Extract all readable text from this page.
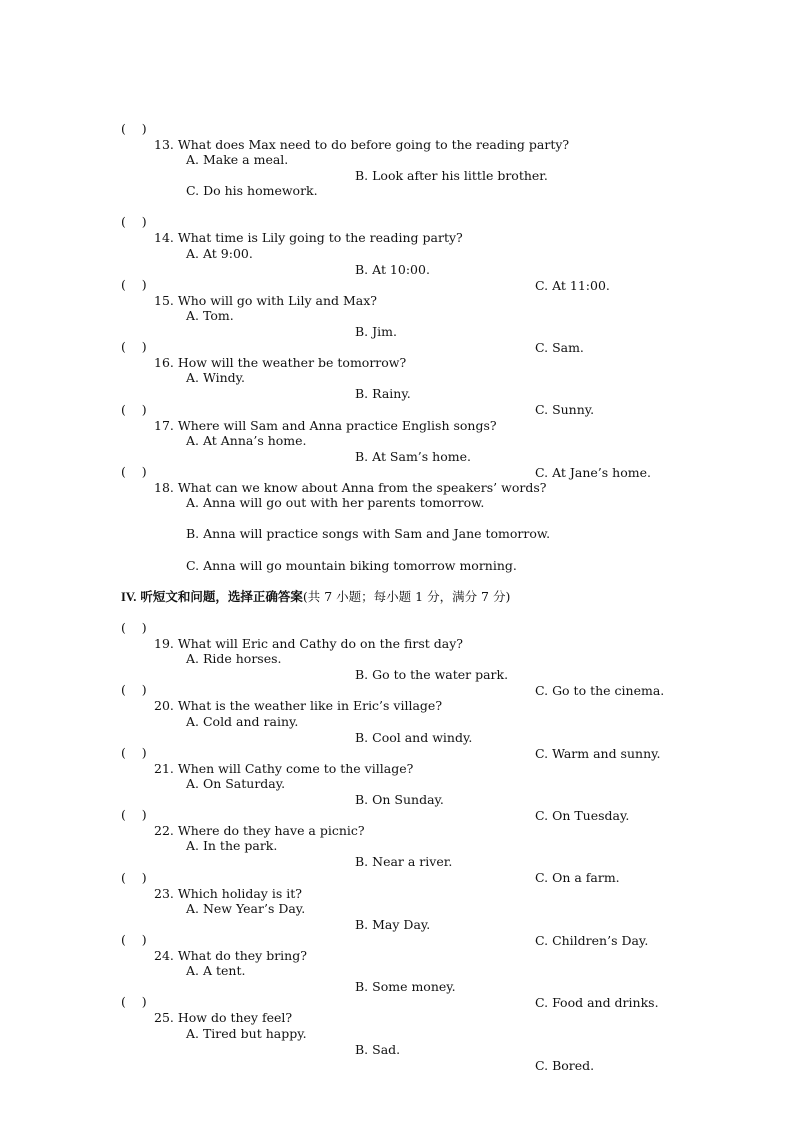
(    )

13. What does Max need to do before going to the reading party?

A. Make a meal.

B. Look after his little brother.

C. Do his homework.

(    )

14. What time is Lily going to the reading party?

A. At 9:00.

B. At 10:00.

C. At 11:00.

(    )

15. Who will go with Lily and Max?

A. Tom.

B. Jim.

C. Sam.

(    )

16. How will the weather be tomorrow?

A. Windy.

B. Rainy.

C. Sunny.

(    )

17. Where will Sam and Anna practice English songs?

A. At Anna’s home.

B. At Sam’s home.

C. At Jane’s home.

(    )

18. What can we know about Anna from the speakers’ words?

A. Anna will go out with her parents tomorrow.

B. Anna will practice songs with Sam and Jane tomorrow.

C. Anna will go mountain biking tomorrow morning.

IV. 听短文和问题，选择正确答案(共 7 小题；每小题 1 分，满分 7 分)

(    )

19. What will Eric and Cathy do on the first day?

A. Ride horses.

B. Go to the water park.

C. Go to the cinema.

(    )

20. What is the weather like in Eric’s village?

A. Cold and rainy.

B. Cool and windy.

C. Warm and sunny.

(    )

21. When will Cathy come to the village?

A. On Saturday.

B. On Sunday.

C. On Tuesday.

(    )

22. Where do they have a picnic?

A. In the park.

B. Near a river.

C. On a farm.

(    )

23. Which holiday is it?

A. New Year’s Day.

B. May Day.

C. Children’s Day.

(    )

24. What do they bring?

A. A tent.

B. Some money.

C. Food and drinks.

(    )

25. How do they feel?

A. Tired but happy.

B. Sad.

C. Bored.
